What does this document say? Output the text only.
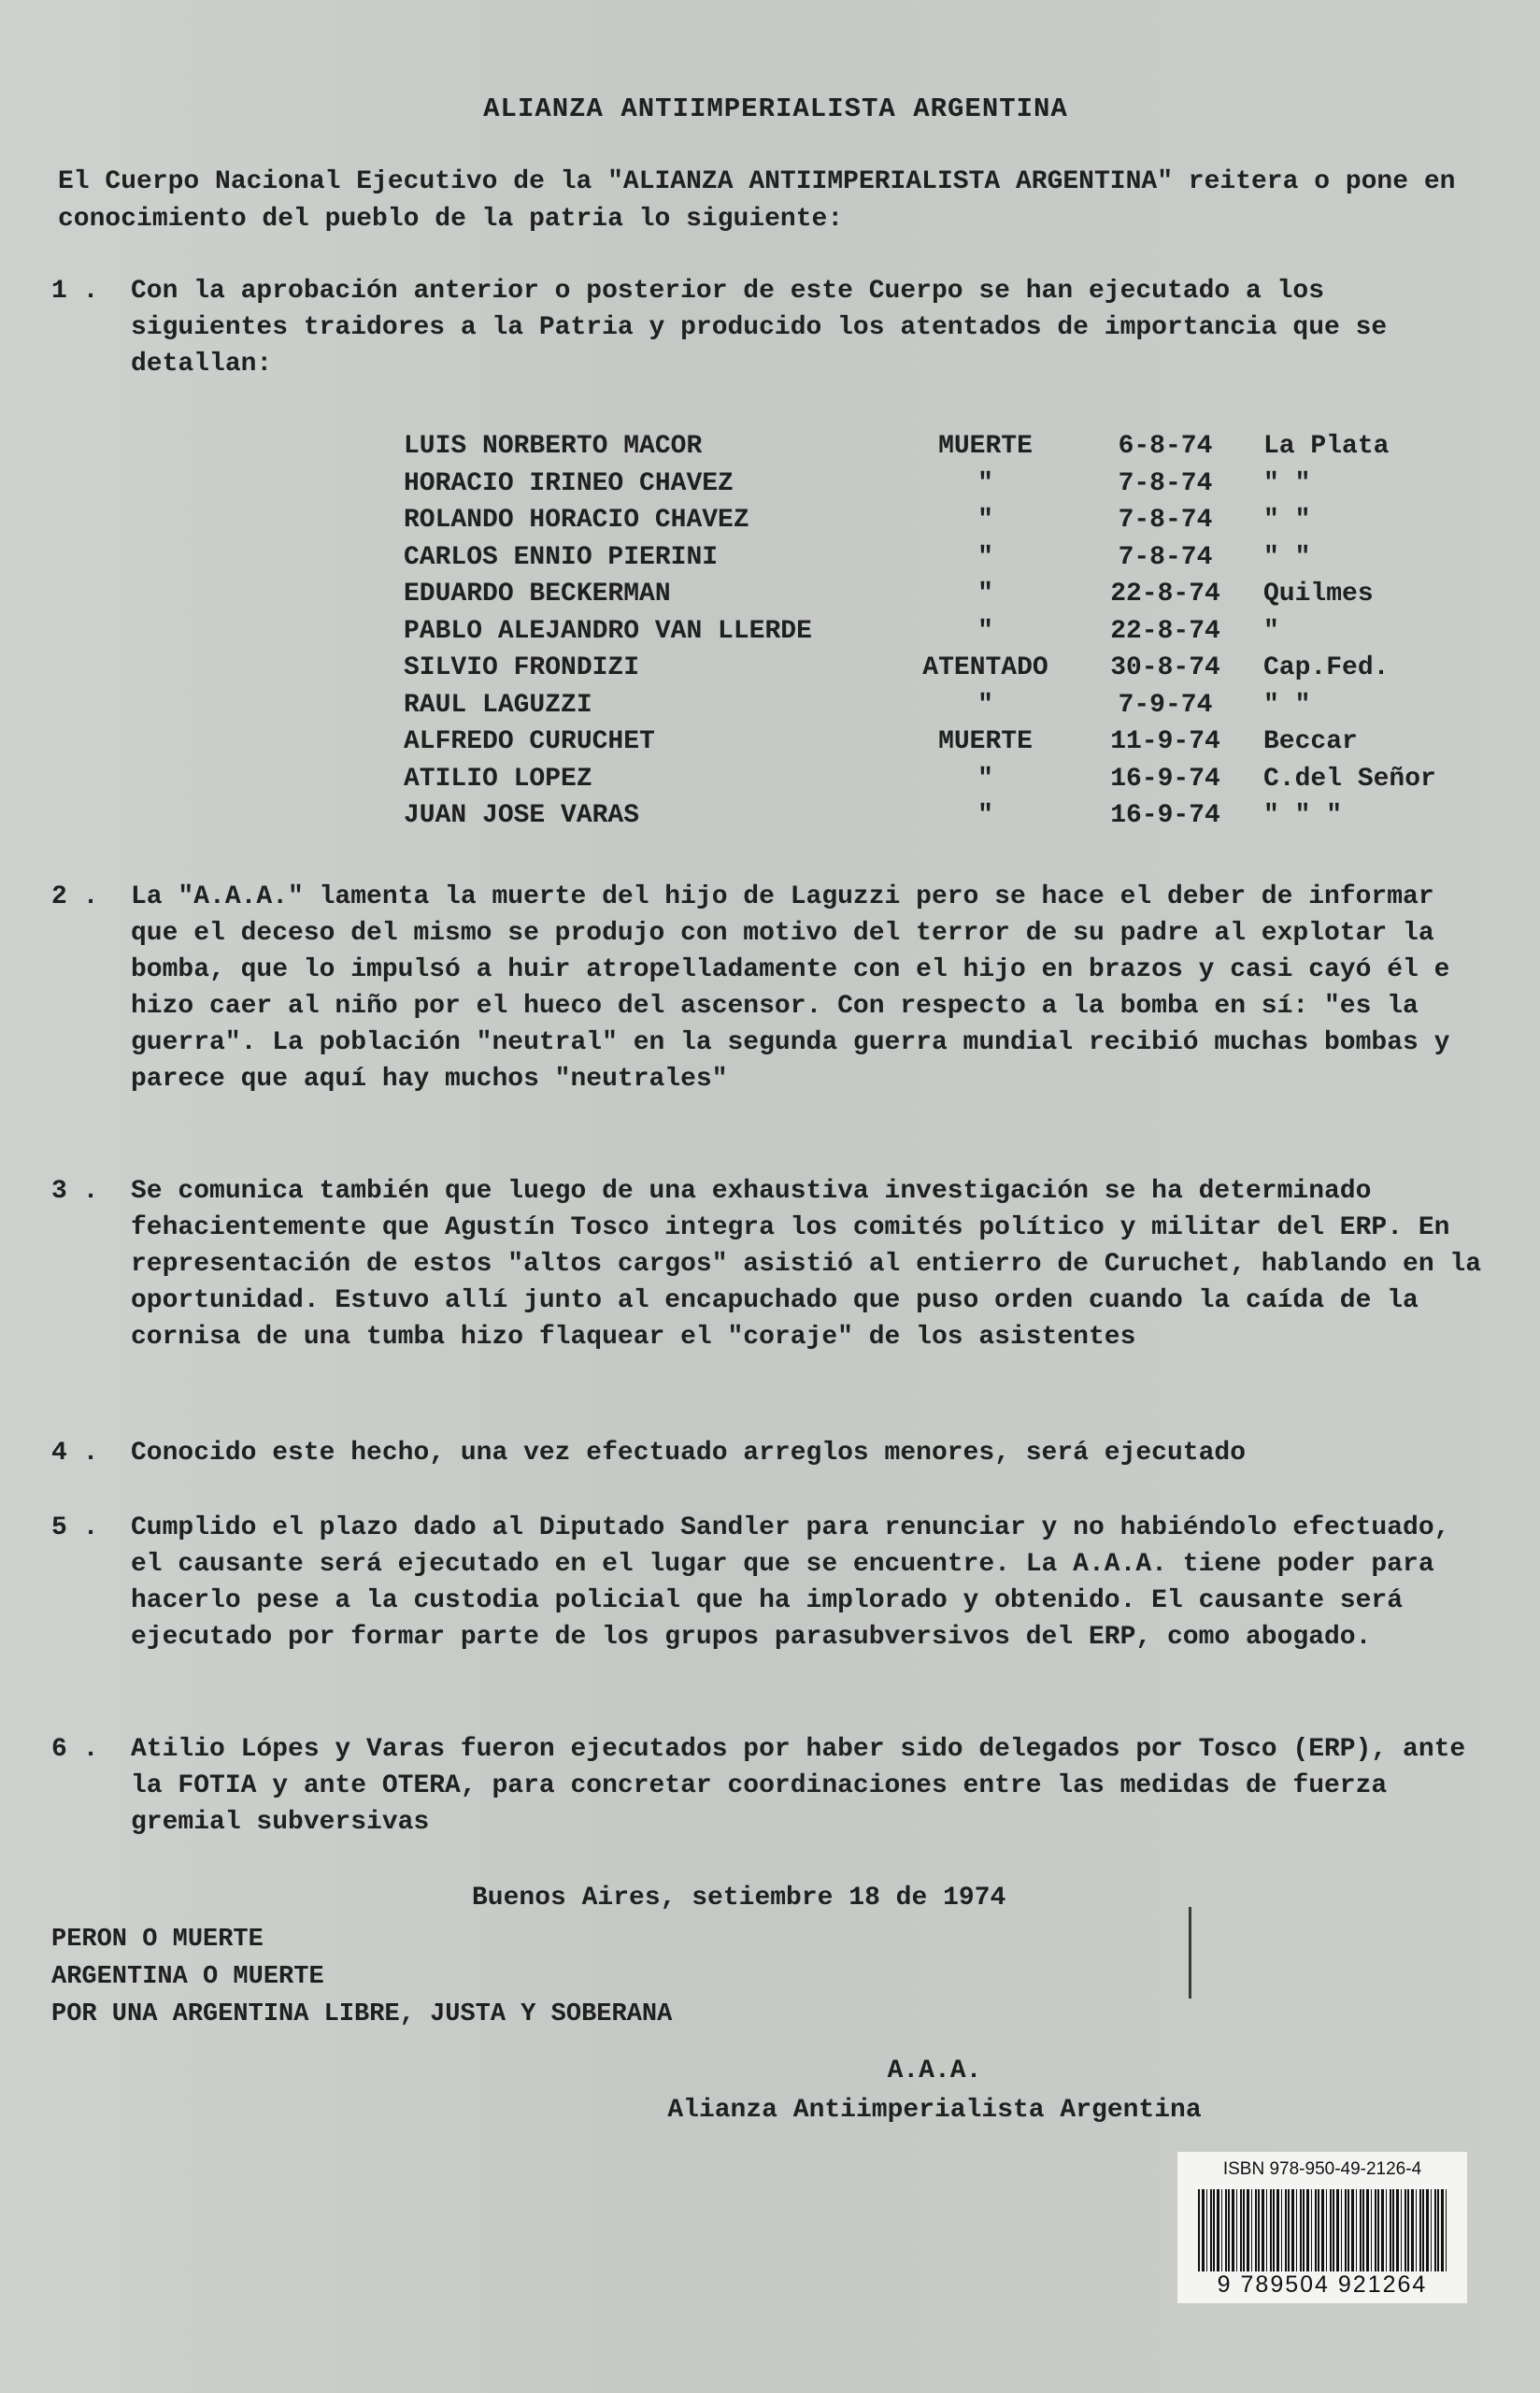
ALIANZA ANTIIMPERIALISTA ARGENTINA
El Cuerpo Nacional Ejecutivo de la "ALIANZA ANTIIMPERIALISTA ARGENTINA" reitera o pone en conocimiento del pueblo de la patria lo siguiente:
1 .	Con la aprobación anterior o posterior de este Cuerpo se han ejecutado a los siguientes traidores a la Patria y producido los atentados de importancia que se detallan:
LUIS NORBERTO MACOR	MUERTE	6-8-74	La Plata
HORACIO IRINEO CHAVEZ	"	7-8-74	" "
ROLANDO HORACIO CHAVEZ	"	7-8-74	" "
CARLOS ENNIO PIERINI	"	7-8-74	" "
EDUARDO BECKERMAN	"	22-8-74	Quilmes
PABLO ALEJANDRO VAN LLERDE	"	22-8-74	"
SILVIO FRONDIZI	ATENTADO	30-8-74	Cap.Fed.
RAUL LAGUZZI	"	7-9-74	" "
ALFREDO CURUCHET	MUERTE	11-9-74	Beccar
ATILIO LOPEZ	"	16-9-74	C.del Señor
JUAN JOSE VARAS	"	16-9-74	" " "
2 .	La "A.A.A." lamenta la muerte del hijo de Laguzzi pero se hace el deber de informar que el deceso del mismo se produjo con motivo del terror de su padre al explotar la bomba, que lo impulsó a huir atropelladamente con el hijo en brazos y casi cayó él e hizo caer al niño por el hueco del ascensor. Con respecto a la bomba en sí: "es la guerra". La población "neutral" en la segunda guerra mundial recibió muchas bombas y parece que aquí hay muchos "neutrales"
3 .	Se comunica también que luego de una exhaustiva investigación se ha determinado fehacientemente que Agustín Tosco integra los comités político y militar del ERP. En representación de estos "altos cargos" asistió al entierro de Curuchet, hablando en la oportunidad. Estuvo allí junto al encapuchado que puso orden cuando la caída de la cornisa de una tumba hizo flaquear el "coraje" de los asistentes
4 .	Conocido este hecho, una vez efectuado arreglos menores, será ejecutado
5 .	Cumplido el plazo dado al Diputado Sandler para renunciar y no habiéndolo efectuado, el causante será ejecutado en el lugar que se encuentre. La A.A.A. tiene poder para hacerlo pese a la custodia policial que ha implorado y obtenido. El causante será ejecutado por formar parte de los grupos parasubversivos del ERP, como abogado.
6 .	Atilio Lópes y Varas fueron ejecutados por haber sido delegados por Tosco (ERP), ante la FOTIA y ante OTERA, para concretar coordinaciones entre las medidas de fuerza gremial subversivas
Buenos Aires, setiembre 18 de 1974
PERON O MUERTE
ARGENTINA O MUERTE
POR UNA ARGENTINA LIBRE, JUSTA Y SOBERANA
A.A.A.
Alianza Antiimperialista Argentina
ISBN 978-950-49-2126-4
9 789504 921264
